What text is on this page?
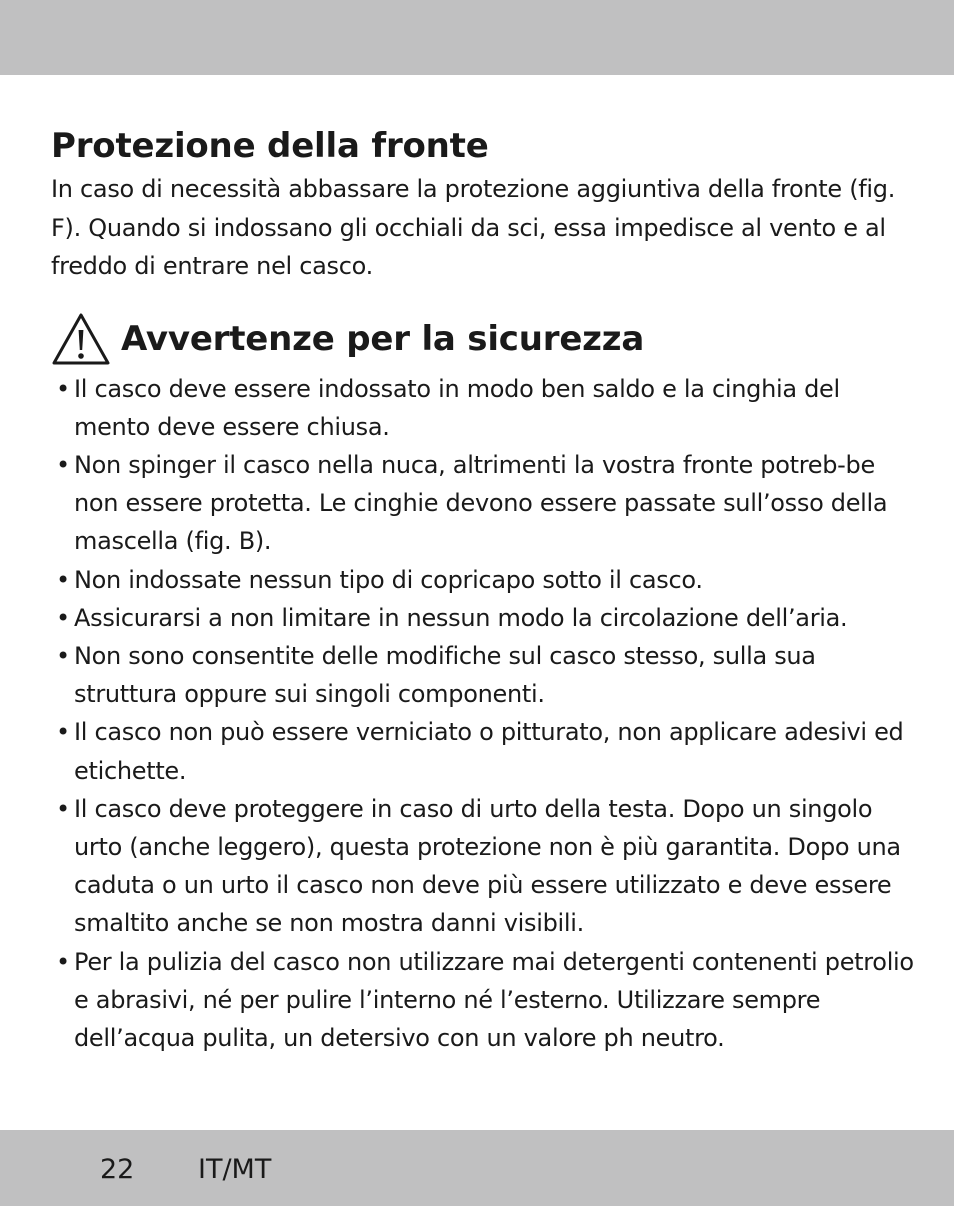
Protezione della fronte

In caso di necessità abbassare la protezione aggiuntiva della fronte (fig. F). Quando si indossano gli occhiali da sci, essa impedisce al vento e al freddo di entrare nel casco.

Avvertenze per la sicurezza
• Il casco deve essere indossato in modo ben saldo e la cinghia del mento deve essere chiusa.
• Non spinger il casco nella nuca, altrimenti la vostra fronte potreb-be non essere protetta. Le cinghie devono essere passate sull’osso della mascella (fig. B).
• Non indossate nessun tipo di copricapo sotto il casco.
• Assicurarsi a non limitare in nessun modo la circolazione dell’aria.
• Non sono consentite delle modifiche sul casco stesso, sulla sua struttura oppure sui singoli componenti.
• Il casco non può essere verniciato o pitturato, non applicare adesivi ed etichette.
• Il casco deve proteggere in caso di urto della testa. Dopo un singolo urto (anche leggero), questa protezione non è più garantita. Dopo una caduta o un urto il casco non deve più essere utilizzato e deve essere smaltito anche se non mostra danni visibili.
• Per la pulizia del casco non utilizzare mai detergenti contenenti petrolio e abrasivi, né per pulire l’interno né l’esterno. Utilizzare sempre dell’acqua pulita, un detersivo con un valore ph neutro.
22 IT/MT
